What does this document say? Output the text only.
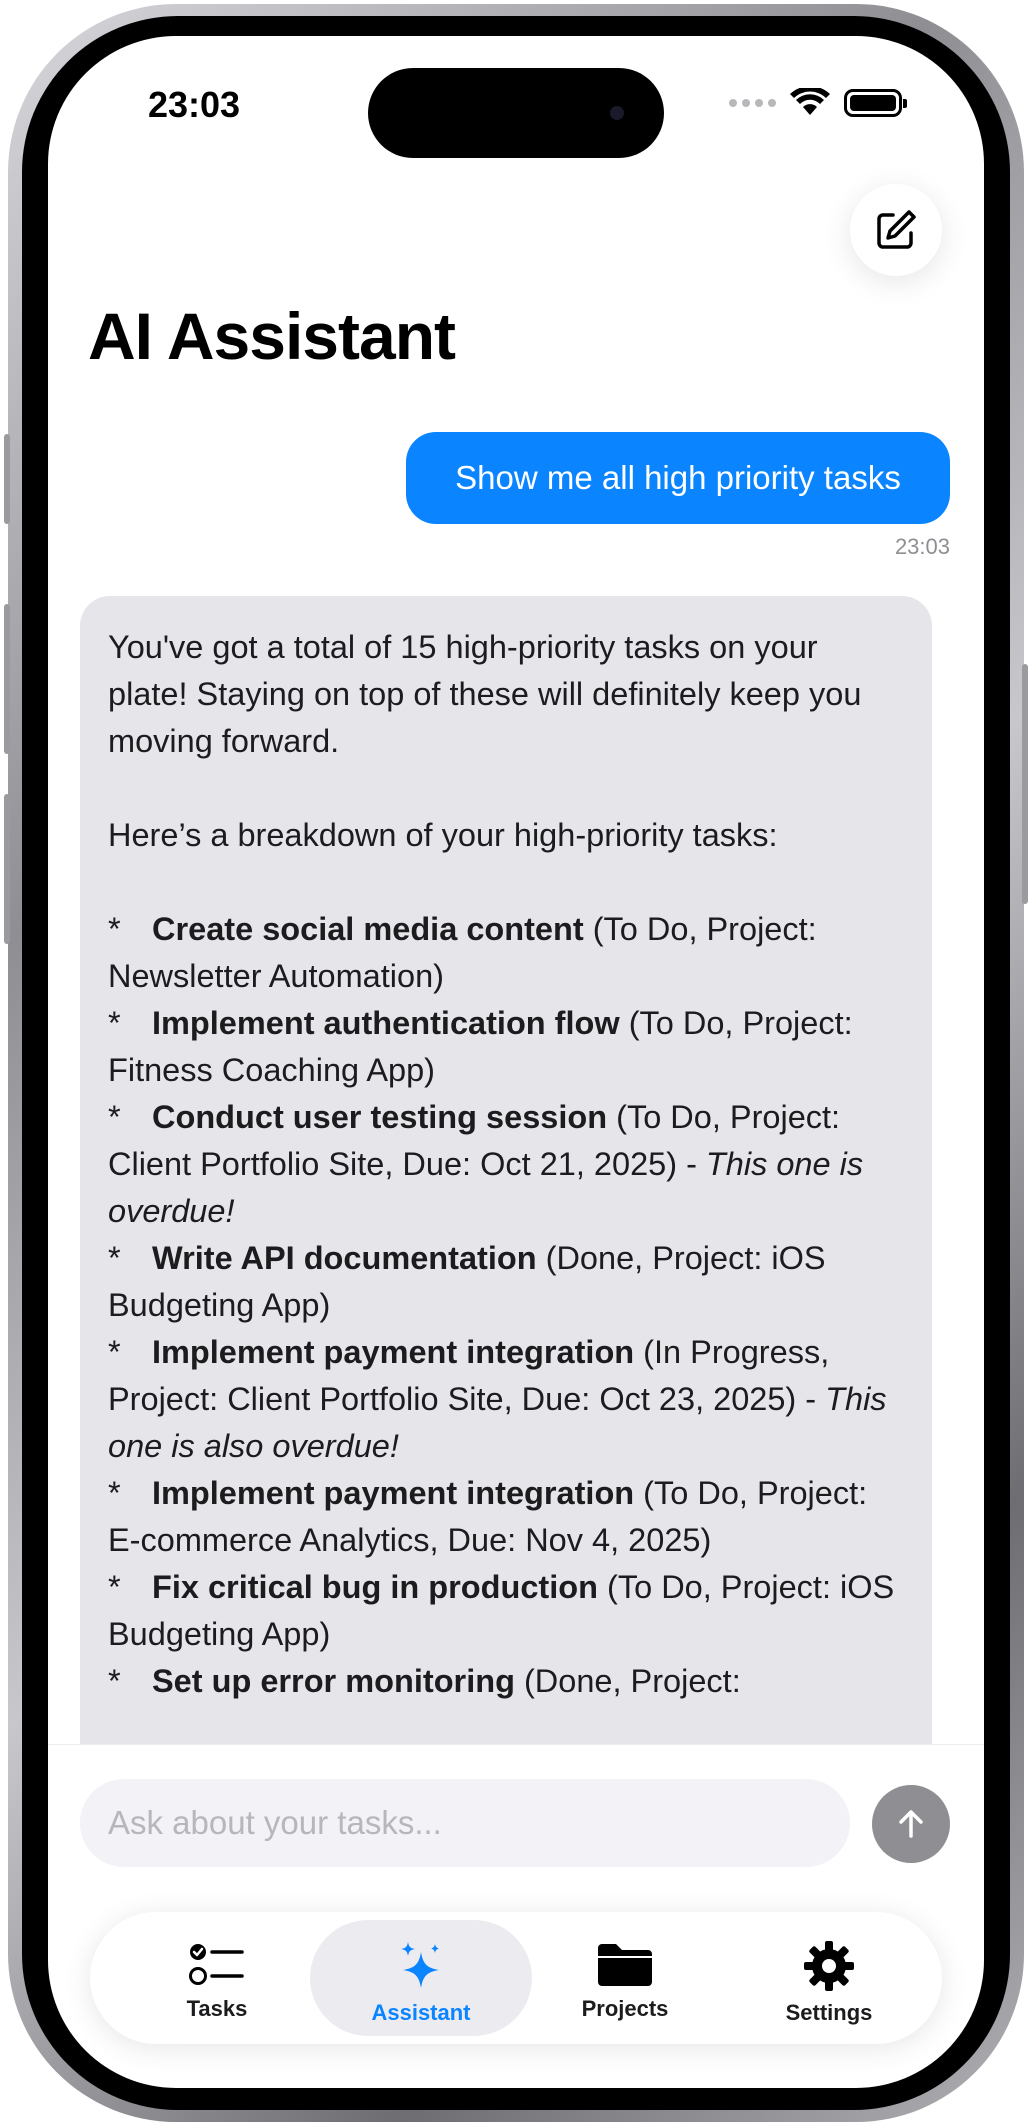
23:03
AI Assistant
Show me all high priority tasks
23:03

You've got a total of 15 high-priority tasks on your plate! Staying on top of these will definitely keep you moving forward.

Here’s a breakdown of your high-priority tasks:

* Create social media content (To Do, Project: Newsletter Automation)

* Implement authentication flow (To Do, Project: Fitness Coaching App)

* Conduct user testing session (To Do, Project: Client Portfolio Site, Due: Oct 21, 2025) - This one is overdue!

* Write API documentation (Done, Project: iOS Budgeting App)

* Implement payment integration (In Progress, Project: Client Portfolio Site, Due: Oct 23, 2025) - This one is also overdue!

* Implement payment integration (To Do, Project: E-commerce Analytics, Due: Nov 4, 2025)

* Fix critical bug in production (To Do, Project: iOS Budgeting App)

* Set up error monitoring (Done, Project:

Ask about your tasks...
Tasks	Assistant	Projects	Settings
